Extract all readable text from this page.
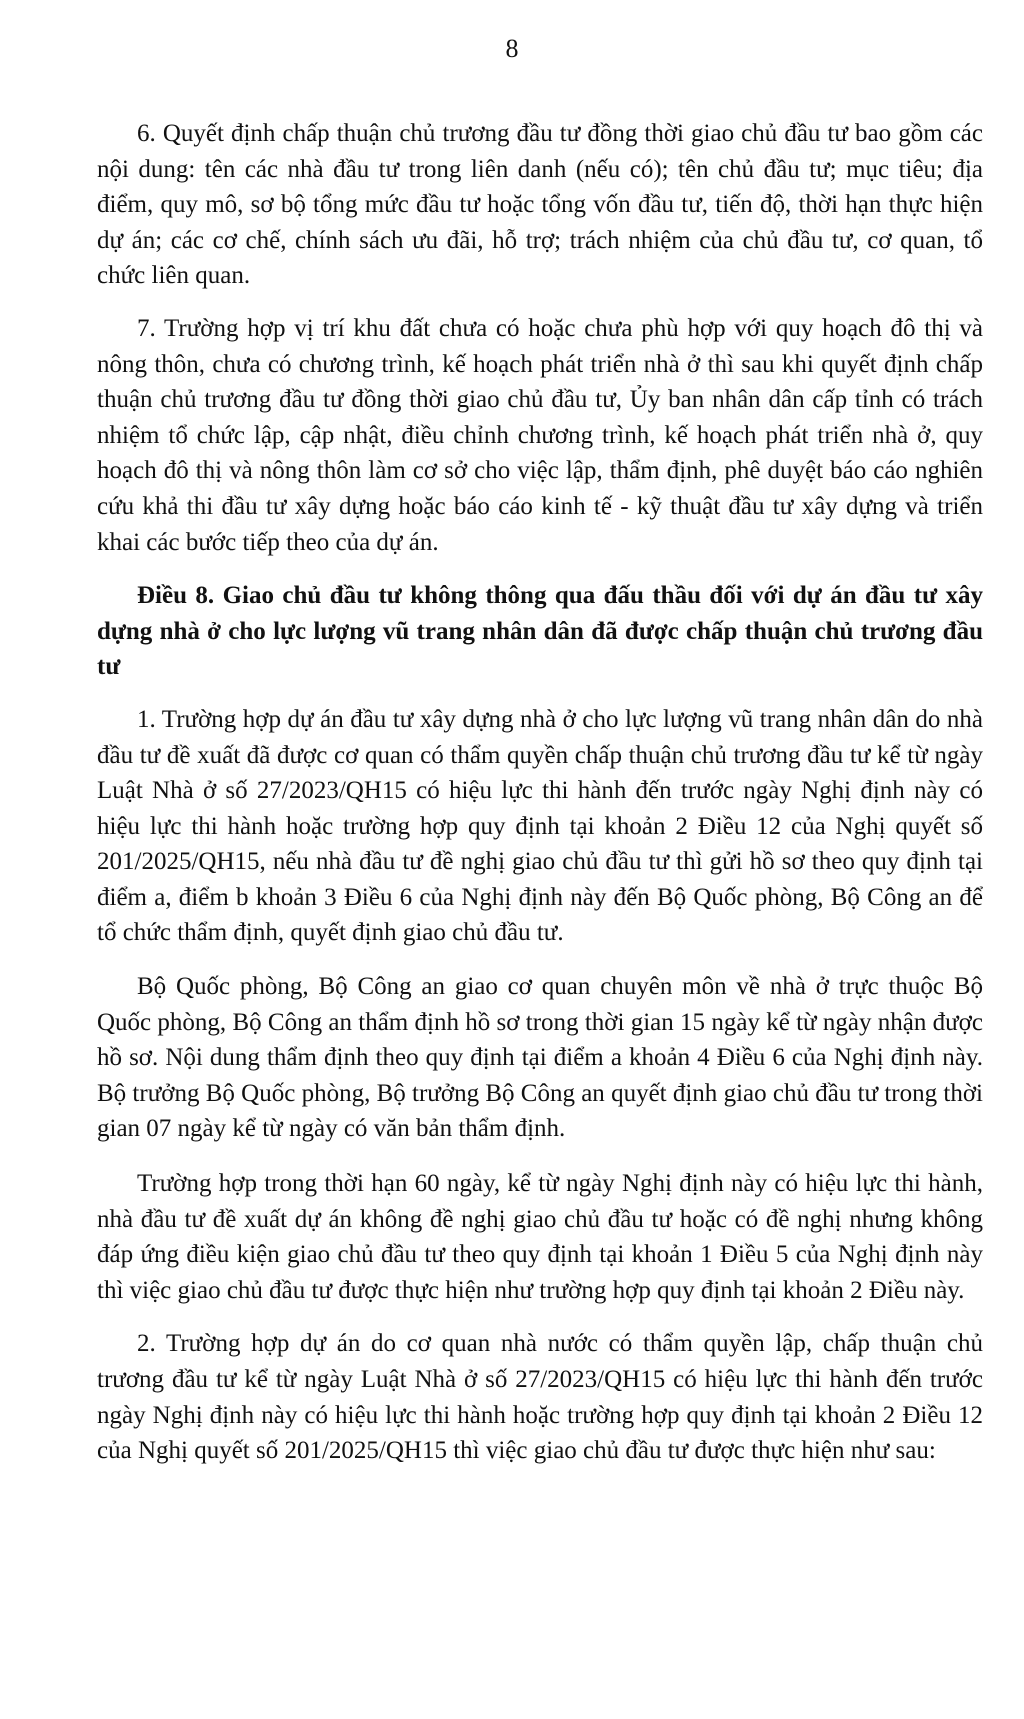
8

6. Quyết định chấp thuận chủ trương đầu tư đồng thời giao chủ đầu tư bao gồm các nội dung: tên các nhà đầu tư trong liên danh (nếu có); tên chủ đầu tư; mục tiêu; địa điểm, quy mô, sơ bộ tổng mức đầu tư hoặc tổng vốn đầu tư, tiến độ, thời hạn thực hiện dự án; các cơ chế, chính sách ưu đãi, hỗ trợ; trách nhiệm của chủ đầu tư, cơ quan, tổ chức liên quan.

7. Trường hợp vị trí khu đất chưa có hoặc chưa phù hợp với quy hoạch đô thị và nông thôn, chưa có chương trình, kế hoạch phát triển nhà ở thì sau khi quyết định chấp thuận chủ trương đầu tư đồng thời giao chủ đầu tư, Ủy ban nhân dân cấp tỉnh có trách nhiệm tổ chức lập, cập nhật, điều chỉnh chương trình, kế hoạch phát triển nhà ở, quy hoạch đô thị và nông thôn làm cơ sở cho việc lập, thẩm định, phê duyệt báo cáo nghiên cứu khả thi đầu tư xây dựng hoặc báo cáo kinh tế - kỹ thuật đầu tư xây dựng và triển khai các bước tiếp theo của dự án.

Điều 8. Giao chủ đầu tư không thông qua đấu thầu đối với dự án đầu tư xây dựng nhà ở cho lực lượng vũ trang nhân dân đã được chấp thuận chủ trương đầu tư

1. Trường hợp dự án đầu tư xây dựng nhà ở cho lực lượng vũ trang nhân dân do nhà đầu tư đề xuất đã được cơ quan có thẩm quyền chấp thuận chủ trương đầu tư kể từ ngày Luật Nhà ở số 27/2023/QH15 có hiệu lực thi hành đến trước ngày Nghị định này có hiệu lực thi hành hoặc trường hợp quy định tại khoản 2 Điều 12 của Nghị quyết số 201/2025/QH15, nếu nhà đầu tư đề nghị giao chủ đầu tư thì gửi hồ sơ theo quy định tại điểm a, điểm b khoản 3 Điều 6 của Nghị định này đến Bộ Quốc phòng, Bộ Công an để tổ chức thẩm định, quyết định giao chủ đầu tư.

Bộ Quốc phòng, Bộ Công an giao cơ quan chuyên môn về nhà ở trực thuộc Bộ Quốc phòng, Bộ Công an thẩm định hồ sơ trong thời gian 15 ngày kể từ ngày nhận được hồ sơ. Nội dung thẩm định theo quy định tại điểm a khoản 4 Điều 6 của Nghị định này. Bộ trưởng Bộ Quốc phòng, Bộ trưởng Bộ Công an quyết định giao chủ đầu tư trong thời gian 07 ngày kể từ ngày có văn bản thẩm định.

Trường hợp trong thời hạn 60 ngày, kể từ ngày Nghị định này có hiệu lực thi hành, nhà đầu tư đề xuất dự án không đề nghị giao chủ đầu tư hoặc có đề nghị nhưng không đáp ứng điều kiện giao chủ đầu tư theo quy định tại khoản 1 Điều 5 của Nghị định này thì việc giao chủ đầu tư được thực hiện như trường hợp quy định tại khoản 2 Điều này.

2. Trường hợp dự án do cơ quan nhà nước có thẩm quyền lập, chấp thuận chủ trương đầu tư kể từ ngày Luật Nhà ở số 27/2023/QH15 có hiệu lực thi hành đến trước ngày Nghị định này có hiệu lực thi hành hoặc trường hợp quy định tại khoản 2 Điều 12 của Nghị quyết số 201/2025/QH15 thì việc giao chủ đầu tư được thực hiện như sau:
